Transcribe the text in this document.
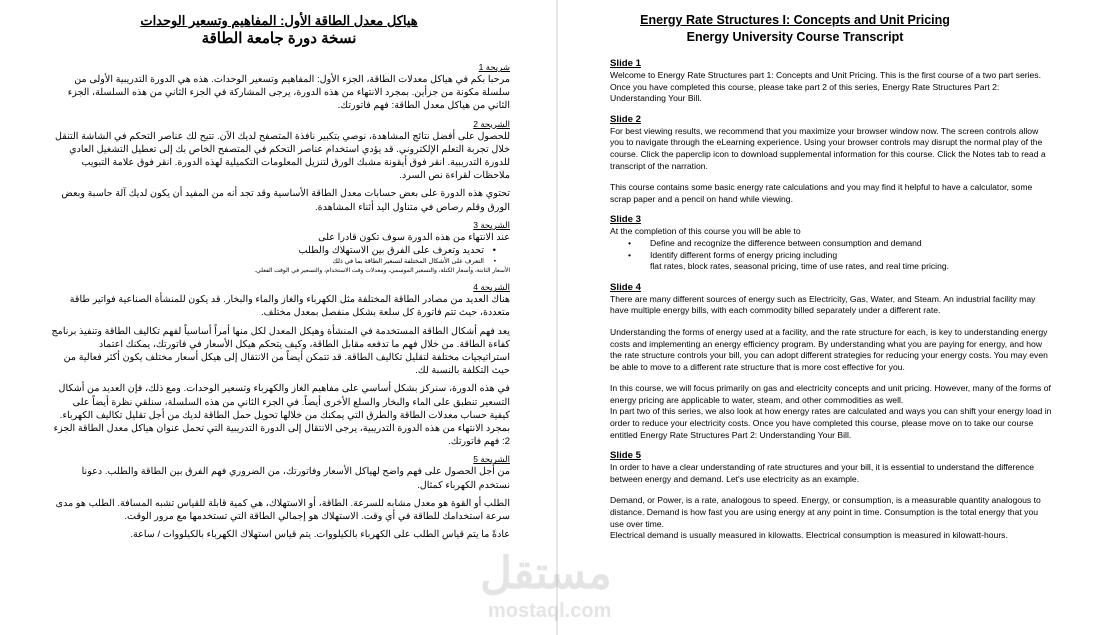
هياكل معدل الطاقة الأول: المفاهيم وتسعير الوحدات
نسخة دورة جامعة الطاقة
شريحة 1

مرحبا بكم في هياكل معدلات الطاقة، الجزء الأول: المفاهيم وتسعير الوحدات. هذه هي الدورة التدريبية الأولى من سلسلة مكونة من جزأين. بمجرد الانتهاء من هذه الدورة، يرجى المشاركة في الجزء الثاني من هذه السلسلة، الجزء الثاني من هياكل معدل الطاقة: فهم فاتورتك.

الشريحة 2

للحصول على أفضل نتائج المشاهدة، نوصي بتكبير نافذة المتصفح لديك الآن. تتيح لك عناصر التحكم في الشاشة التنقل خلال تجربة التعلم الإلكتروني. قد يؤدي استخدام عناصر التحكم في المتصفح الخاص بك إلى تعطيل التشغيل العادي للدورة التدريبية. انقر فوق أيقونة مشبك الورق لتنزيل المعلومات التكميلية لهذه الدورة. انقر فوق علامة التبويب ملاحظات لقراءة نص السرد.

تحتوي هذه الدورة على بعض حسابات معدل الطاقة الأساسية وقد تجد أنه من المفيد أن يكون لديك آلة حاسبة وبعض الورق وقلم رصاص في متناول اليد أثناء المشاهدة.

الشريحة 3
عند الانتهاء من هذه الدورة سوف تكون قادرا على
• تحديد وتعرف على الفرق بين الاستهلاك والطلب
• التعرف على الأشكال المختلفة لتسعير الطاقة بما في ذلك
الأسعار الثابتة، وأسعار الكتلة، والتسعير الموسمي، ومعدلات وقت الاستخدام، والتسعير في الوقت الفعلي.
الشريحة 4

هناك العديد من مصادر الطاقة المختلفة مثل الكهرباء والغاز والماء والبخار. قد يكون للمنشأة الصناعية فواتير طاقة متعددة، حيث تتم فاتورة كل سلعة بشكل منفصل بمعدل مختلف.

يعد فهم أشكال الطاقة المستخدمة في المنشأة وهيكل المعدل لكل منها أمراً أساسياً لفهم تكاليف الطاقة وتنفيذ برنامج كفاءة الطاقة. من خلال فهم ما تدفعه مقابل الطاقة، وكيف يتحكم هيكل الأسعار في فاتورتك، يمكنك اعتماد استراتيجيات مختلفة لتقليل تكاليف الطاقة. قد تتمكن أيضاً من الانتقال إلى هيكل أسعار مختلف يكون أكثر فعالية من حيث التكلفة بالنسبة لك.

في هذه الدورة، سنركز بشكل أساسي على مفاهيم الغاز والكهرباء وتسعير الوحدات. ومع ذلك، فإن العديد من أشكال التسعير تنطبق على الماء والبخار والسلع الأخرى أيضاً. في الجزء الثاني من هذه السلسلة، سنلقي نظرة أيضاً على كيفية حساب معدلات الطاقة والطرق التي يمكنك من خلالها تحويل حمل الطاقة لديك من أجل تقليل تكاليف الكهرباء. بمجرد الانتهاء من هذه الدورة التدريبية، يرجى الانتقال إلى الدورة التدريبية التي تحمل عنوان هياكل معدل الطاقة الجزء 2: فهم فاتورتك.

الشريحة 5

من أجل الحصول على فهم واضح لهياكل الأسعار وفاتورتك، من الضروري فهم الفرق بين الطاقة والطلب. دعونا نستخدم الكهرباء كمثال.

الطلب أو القوة هو معدل مشابه للسرعة. الطاقة، أو الاستهلاك، هي كمية قابلة للقياس تشبه المسافة. الطلب هو مدى سرعة استخدامك للطاقة في أي وقت. الاستهلاك هو إجمالي الطاقة التي تستخدمها مع مرور الوقت.

عادةً ما يتم قياس الطلب على الكهرباء بالكيلووات. يتم قياس استهلاك الكهرباء بالكيلووات / ساعة.

Energy Rate Structures I: Concepts and Unit Pricing
Energy University Course Transcript
Slide 1

Welcome to Energy Rate Structures part 1: Concepts and Unit Pricing. This is the first course of a two part series. Once you have completed this course, please take part 2 of this series, Energy Rate Structures Part 2: Understanding Your Bill.

Slide 2

For best viewing results, we recommend that you maximize your browser window now. The screen controls allow you to navigate through the eLearning experience. Using your browser controls may disrupt the normal play of the course. Click the paperclip icon to download supplemental information for this course. Click the Notes tab to read a transcript of the narration.

This course contains some basic energy rate calculations and you may find it helpful to have a calculator, some scrap paper and a pencil on hand while viewing.

Slide 3
At the completion of this course you will be able to
• Define and recognize the difference between consumption and demand
• Identify different forms of energy pricing including
flat rates, block rates, seasonal pricing, time of use rates, and real time pricing.
Slide 4

There are many different sources of energy such as Electricity, Gas, Water, and Steam. An industrial facility may have multiple energy bills, with each commodity billed separately under a different rate.

Understanding the forms of energy used at a facility, and the rate structure for each, is key to understanding energy costs and implementing an energy efficiency program. By understanding what you are paying for energy, and how the rate structure controls your bill, you can adopt different strategies for reducing your energy costs. You may even be able to move to a different rate structure that is more cost effective for you.

In this course, we will focus primarily on gas and electricity concepts and unit pricing. However, many of the forms of energy pricing are applicable to water, steam, and other commodities as well.

In part two of this series, we also look at how energy rates are calculated and ways you can shift your energy load in order to reduce your electricity costs. Once you have completed this course, please move on to take our course entitled Energy Rate Structures Part 2: Understanding Your Bill.

Slide 5

In order to have a clear understanding of rate structures and your bill, it is essential to understand the difference between energy and demand. Let's use electricity as an example.

Demand, or Power, is a rate, analogous to speed. Energy, or consumption, is a measurable quantity analogous to distance. Demand is how fast you are using energy at any point in time. Consumption is the total energy that you use over time.

Electrical demand is usually measured in kilowatts. Electrical consumption is measured in kilowatt-hours.

مستقل
mostaql.com
